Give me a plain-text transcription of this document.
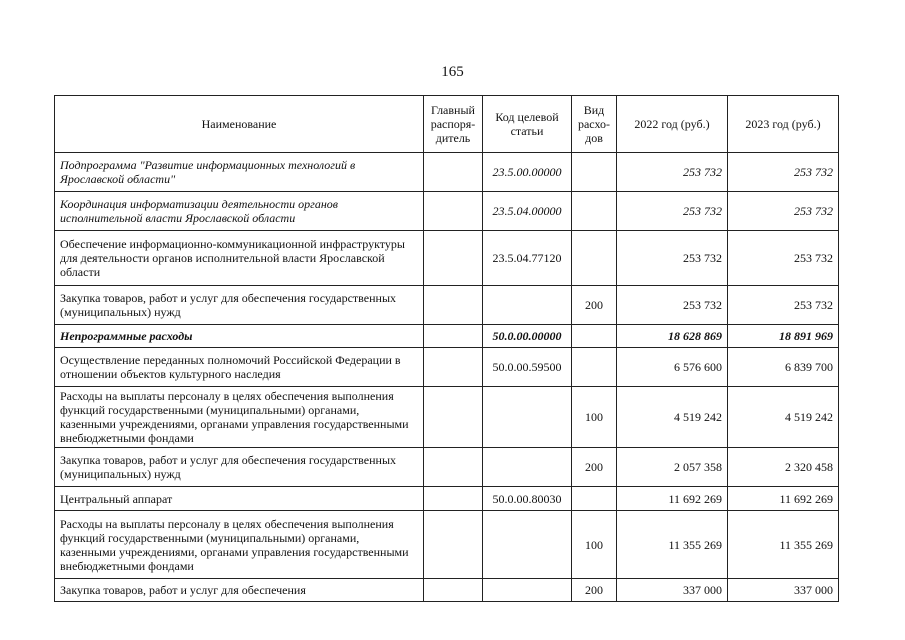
165
Наименование	Главный распоря-дитель	Код целевой статьи	Вид расхо-дов	2022 год (руб.)	2023 год (руб.)
Подпрограмма "Развитие информационных технологий в Ярославской области"		23.5.00.00000		253 732	253 732
Координация информатизации деятельности органов исполнительной власти Ярославской области		23.5.04.00000		253 732	253 732
Обеспечение информационно-коммуникационной инфраструктуры для деятельности органов исполнительной власти Ярославской области		23.5.04.77120		253 732	253 732
Закупка товаров, работ и услуг для обеспечения государственных (муниципальных) нужд			200	253 732	253 732
Непрограммные расходы		50.0.00.00000		18 628 869	18 891 969
Осуществление переданных полномочий Российской Федерации в отношении объектов культурного наследия		50.0.00.59500		6 576 600	6 839 700
Расходы на выплаты персоналу в целях обеспечения выполнения функций государственными (муниципальными) органами, казенными учреждениями, органами управления государственными внебюджетными фондами			100	4 519 242	4 519 242
Закупка товаров, работ и услуг для обеспечения государственных (муниципальных) нужд			200	2 057 358	2 320 458
Центральный аппарат		50.0.00.80030		11 692 269	11 692 269
Расходы на выплаты персоналу в целях обеспечения выполнения функций государственными (муниципальными) органами, казенными учреждениями, органами управления государственными внебюджетными фондами			100	11 355 269	11 355 269
Закупка товаров, работ и услуг для обеспечения			200	337 000	337 000
